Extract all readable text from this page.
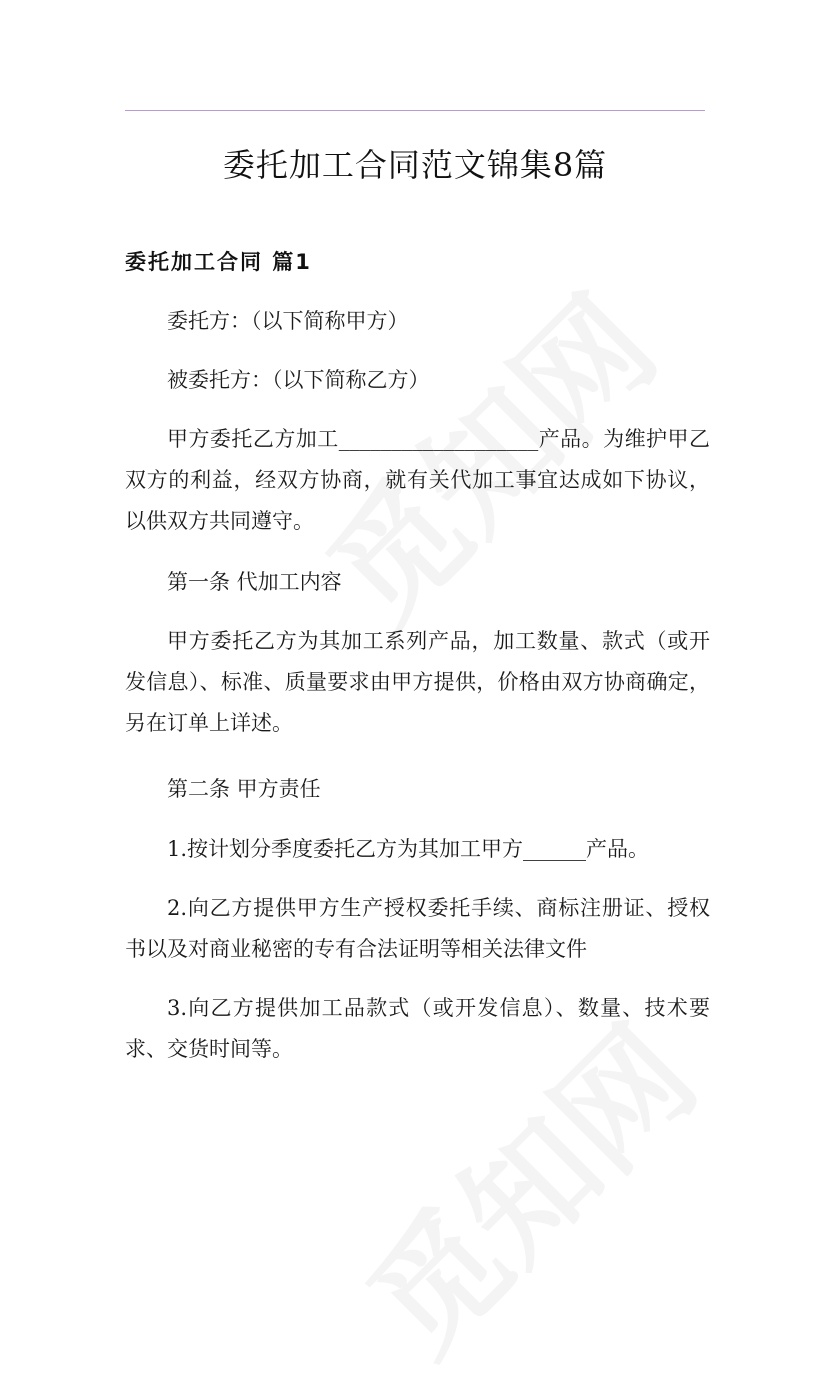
委托加工合同范文锦集8篇
委托加工合同 篇1
委托方：（以下简称甲方）
被委托方：（以下简称乙方）
甲方委托乙方加工___________________产品。为维护甲乙双方的利益，经双方协商，就有关代加工事宜达成如下协议，以供双方共同遵守。
第一条 代加工内容
甲方委托乙方为其加工系列产品，加工数量、款式（或开发信息）、标准、质量要求由甲方提供，价格由双方协商确定，另在订单上详述。
第二条 甲方责任
1.按计划分季度委托乙方为其加工甲方______产品。
2.向乙方提供甲方生产授权委托手续、商标注册证、授权书以及对商业秘密的专有合法证明等相关法律文件
3.向乙方提供加工品款式（或开发信息）、数量、技术要求、交货时间等。
